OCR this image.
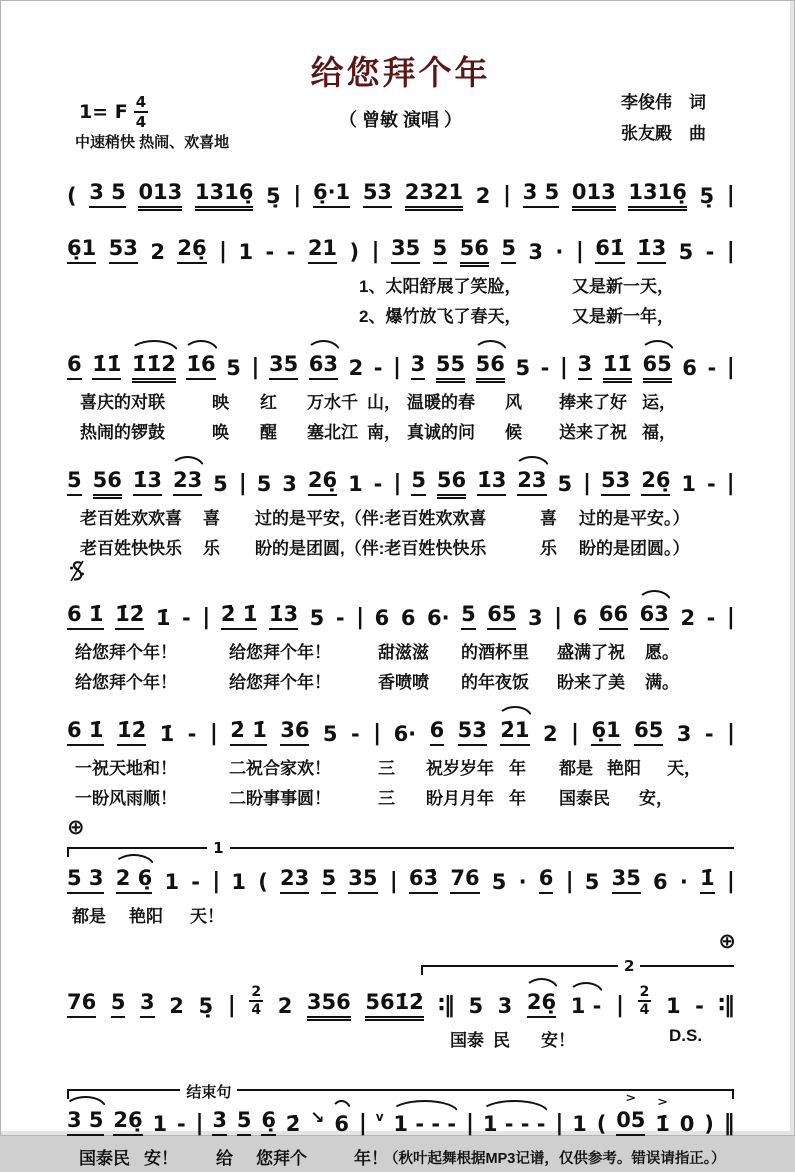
给您拜个年
（ 曾敏 演唱 ）
李俊伟　词
张友殿　曲
1= F $\frac{4}{4}$
中速稍快 热闹、欢喜地
( 3 5 013 1316̣ 5̣ | 6̣·1 53 2321 2 | 3 5 013 1316̣ 5̣ |
6̣1 53 2 26̣ | 1 - - 21 ) | 35 5 56 5 3 · | 61̇ 1̇3 5 - |
1、太阳舒展了笑脸，	又是新一天，
2、爆竹放飞了春天，	又是新一年，
6 1̇1̇ 1̇1̇2̇ 1̇6 5 | 35 63 2 - | 3 55 56 5 - | 3 1̇1̇ 65 6 - |
喜庆的对联	映 红 万水千 山， 温暖的春 风 捧来了好 运，
热闹的锣鼓	唤 醒 塞北江 南， 真诚的问 候 送来了祝 福，
5 56 1̇3 23 5 | 5 3 26̣ 1 - | 5 56 1̇3 23 5 | 53 26̣ 1 - |
老百姓欢欢喜 喜 过的是平安,（伴:老百姓欢欢喜	喜 过的是平安。）
老百姓快快乐 乐 盼的是团圆,（伴:老百姓快快乐	乐 盼的是团圆。）
6 1̇ 1̇2̇ 1̇ - | 2̇ 1̇ 1̇3 5 - | 6 6 6· 5 65 3 | 6 66 63 2 - |
给您拜个年！	给您拜个年！	甜滋滋 的酒杯里 盛满了祝 愿。
给您拜个年！	给您拜个年！	香喷喷 的年夜饭 盼来了美 满。
6 1̇ 1̇2̇ 1̇ - | 2̇ 1̇ 36 5 - | 6· 6 53 2̇1 2 | 6̣1 65 3 - |
一祝天地和！	二祝合家欢！	三 祝岁岁年 年 都是 艳阳 天，
一盼风雨顺！	二盼事事圆！	三 盼月月年 年 国泰民 安，
1
⊕
5 3 2 6̣ 1 - | 1 ( 23 5 35 | 63̇ 76 5 · 6 | 5 35 6 · 1̇ |
都是 艳阳 天！
2
⊕
76 5 3 2 5̣ | $\frac{2}{4} 2$ 356 561̇2̇ ∶‖ 5 3 26̣ 1 - | $\frac{2}{4} 1$ - ∶‖
国泰 民 安！	D.S.
结束句
3 5 26̣ 1 - | 3 5 6̣ 2̇ ↘ 6 | v 1 - - - | 1 - - - | 1 ( 05
>
1̇
>
0 ) ‖
国泰民 安！ 给 您拜个	年！
（秋叶起舞根据MP3记谱，仅供参考。错误请指正。）
